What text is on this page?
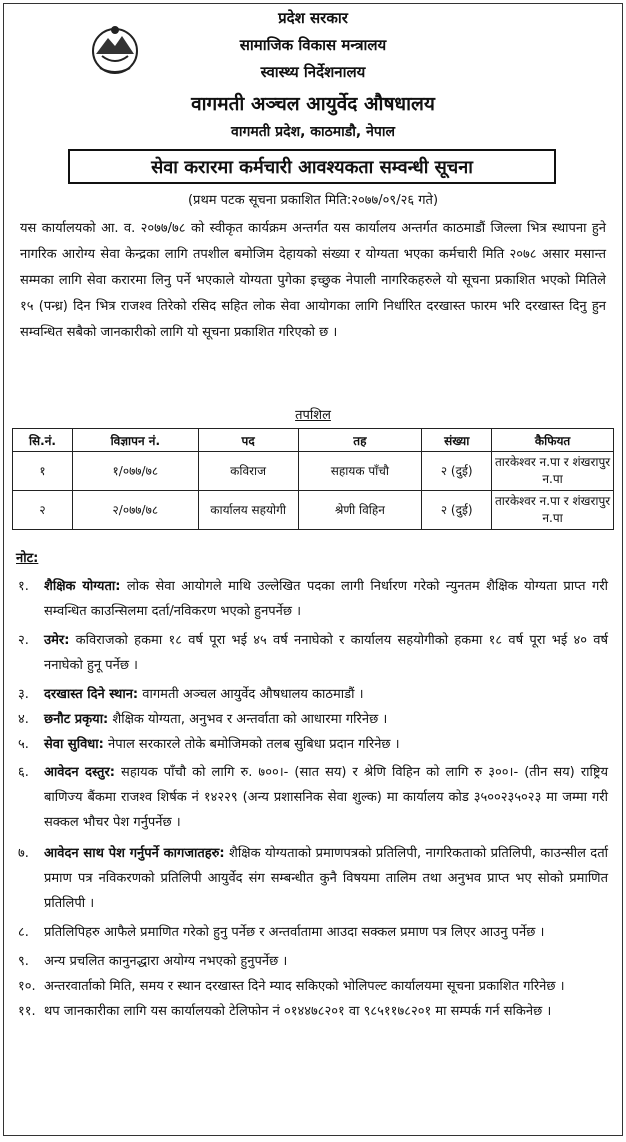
प्रदेश सरकार
सामाजिक विकास मन्त्रालय
स्वास्थ्य निर्देशनालय
वागमती अञ्चल आयुर्वेद औषधालय
वागमती प्रदेश, काठमाडौ, नेपाल
सेवा करारमा कर्मचारी आवश्यकता सम्वन्धी सूचना
(प्रथम पटक सूचना प्रकाशित मिति:२०७७/०९/२६ गते)
यस कार्यालयको आ. व. २०७७/७८ को स्वीकृत कार्यक्रम अन्तर्गत यस कार्यालय अन्तर्गत काठमाडौं जिल्ला भित्र स्थापना हुने नागरिक आरोग्य सेवा केन्द्रका लागि तपशील बमोजिम देहायको संख्या र योग्यता भएका कर्मचारी मिति २०७८ असार मसान्त सम्मका लागि सेवा करारमा लिनु पर्ने भएकाले योग्यता पुगेका इच्छुक नेपाली नागरिकहरुले यो सूचना प्रकाशित भएको मितिले १५ (पन्ध्र) दिन भित्र राजश्व तिरेको रसिद सहित लोक सेवा आयोगका लागि निर्धारित दरखास्त फारम भरि दरखास्त दिनु हुन सम्वन्धित सबैको जानकारीको लागि यो सूचना प्रकाशित गरिएको छ ।
तपशिल
सि.नं.	विज्ञापन नं.	पद	तह	संख्या	कैफियत
१	१/०७७/७८	कविराज	सहायक पाँचौ	२ (दुई)	तारकेश्वर न.पा र शंखरापुर न.पा
२	२/०७७/७८	कार्यालय सहयोगी	श्रेणी विहिन	२ (दुई)	तारकेश्वर न.पा र शंखरापुर न.पा
नोट:
१.	शैक्षिक योग्यता: लोक सेवा आयोगले माथि उल्लेखित पदका लागी निर्धारण गरेको न्युनतम शैक्षिक योग्यता प्राप्त गरी सम्वन्धित काउन्सिलमा दर्ता/नविकरण भएको हुनपर्नेछ ।
२.	उमेर: कविराजको हकमा १८ वर्ष पूरा भई ४५ वर्ष ननाघेको र कार्यालय सहयोगीको हकमा १८ वर्ष पूरा भई ४० वर्ष ननाघेको हुनू पर्नेछ ।
३.	दरखास्त दिने स्थान: वागमती अञ्चल आयुर्वेद औषधालय काठमाडौं ।
४.	छनौट प्रकृया: शैक्षिक योग्यता, अनुभव र अन्तर्वाता को आधारमा गरिनेछ ।
५.	सेवा सुविधा: नेपाल सरकारले तोके बमोजिमको तलब सुबिधा प्रदान गरिनेछ ।
६.	आवेदन दस्तुर: सहायक पाँचौ को लागि रु. ७००।- (सात सय) र श्रेणि विहिन को लागि रु ३००।- (तीन सय) राष्ट्रिय बाणिज्य बैंकमा राजश्व शिर्षक नं १४२२९ (अन्य प्रशासनिक सेवा शुल्क) मा कार्यालय कोड ३५००२३५०२३ मा जम्मा गरी सक्कल भौचर पेश गर्नुपर्नेछ ।
७.	आवेदन साथ पेश गर्नुपर्ने कागजातहरु: शैक्षिक योग्यताको प्रमाणपत्रको प्रतिलिपी, नागरिकताको प्रतिलिपी, काउन्सील दर्ता प्रमाण पत्र नविकरणको प्रतिलिपी आयुर्वेद संग सम्बन्धीत कुनै विषयमा तालिम तथा अनुभव प्राप्त भए सोको प्रमाणित प्रतिलिपी ।
८.	प्रतिलिपिहरु आफैले प्रमाणित गरेको हुनु पर्नेछ र अन्तर्वातामा आउदा सक्कल प्रमाण पत्र लिएर आउनु पर्नेछ ।
९.	अन्य प्रचलित कानुनद्धारा अयोग्य नभएको हुनुपर्नेछ ।
१०. अन्तरवार्ताको मिति, समय र स्थान दरखास्त दिने म्याद सकिएको भोलिपल्ट कार्यालयमा सूचना प्रकाशित गरिनेछ ।
११. थप जानकारीका लागि यस कार्यालयको टेलिफोन नं ०१४४७८२०१ वा ९८५११७८२०१ मा सम्पर्क गर्न सकिनेछ ।
